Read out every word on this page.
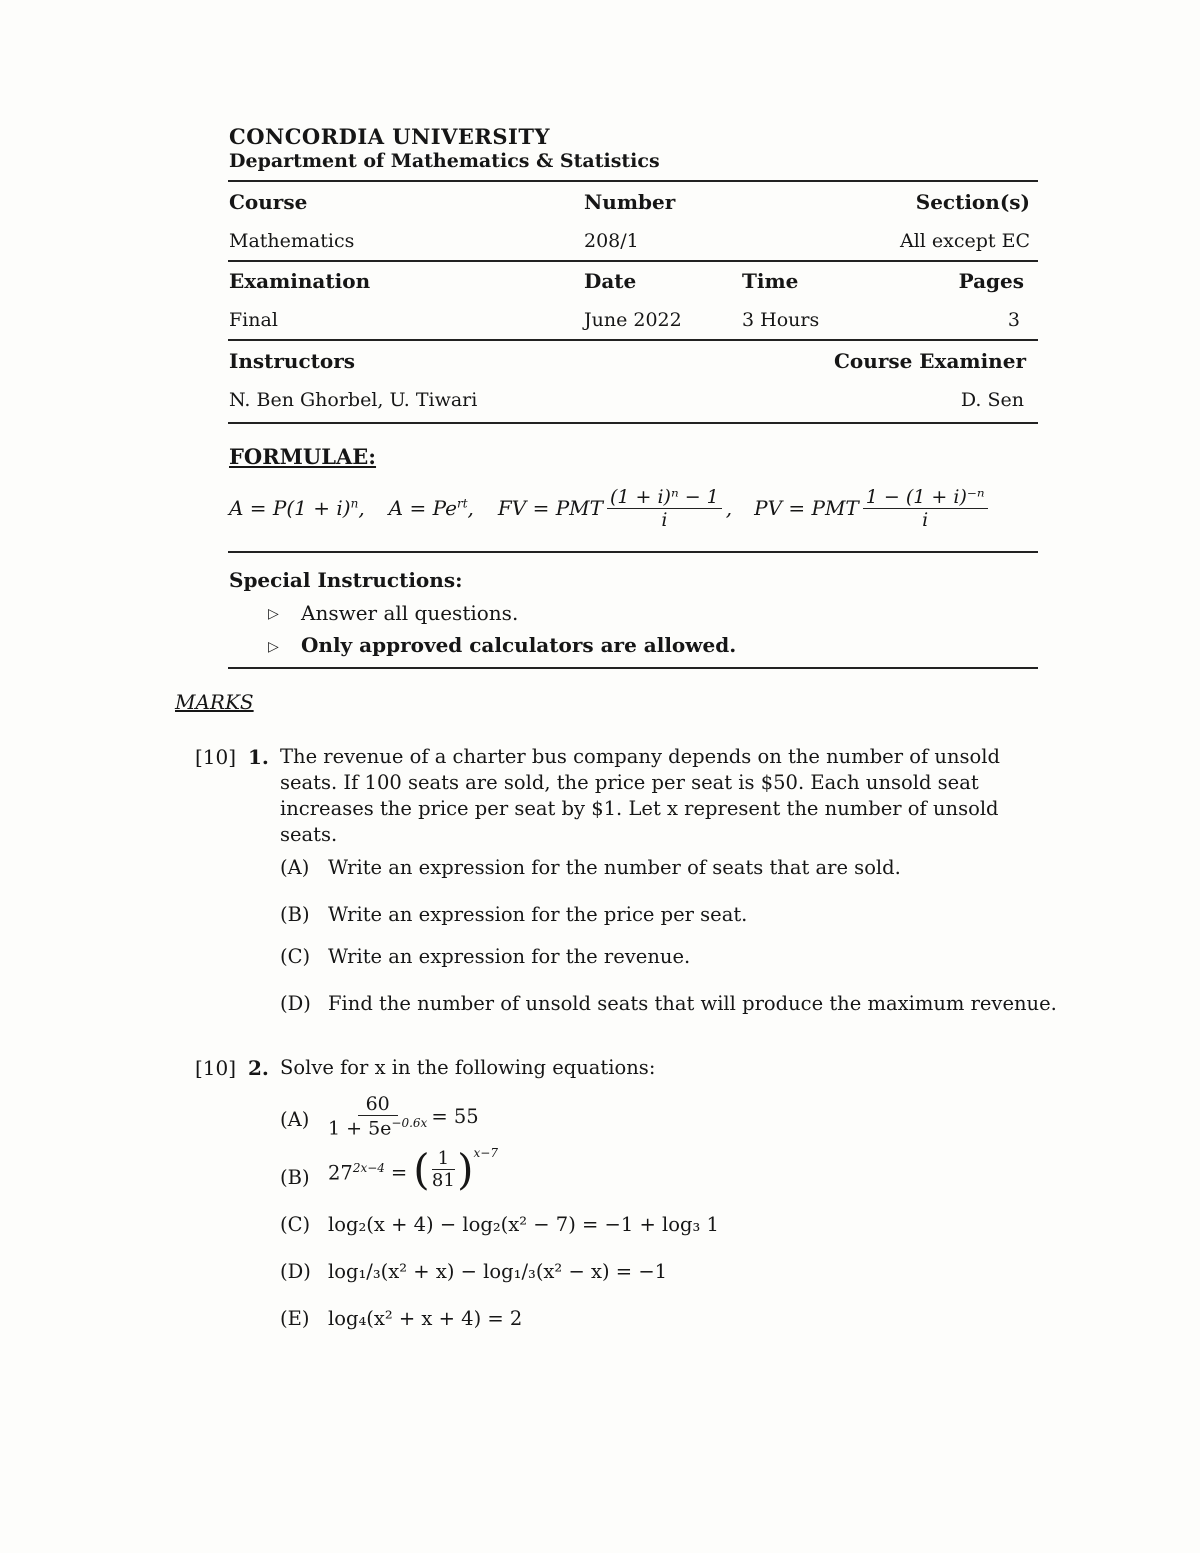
CONCORDIA UNIVERSITY
Department of Mathematics & Statistics
Course	Number	Section(s)
Mathematics	208/1	All except EC
Examination	Date	Time	Pages
Final	June 2022	3 Hours	3
Instructors	Course Examiner
N. Ben Ghorbel, U. Tiwari	D. Sen
FORMULAE:
$A = P(1 + i)^n$, $A = Pe^{rt}$, FV = PMT $\frac{\text{(1 + i)ⁿ − 1}}{i}$ , PV = PMT $\frac{\text{1 − (1 + i)⁻ⁿ}}{i}$
Special Instructions:
▷ Answer all questions.
▷ Only approved calculators are allowed.
MARKS
[10] 1. The revenue of a charter bus company depends on the number of unsold seats. If 100 seats are sold, the price per seat is $50. Each unsold seat increases the price per seat by $1. Let x represent the number of unsold seats.
(A) Write an expression for the number of seats that are sold.
(B) Write an expression for the price per seat.
(C) Write an expression for the revenue.
(D) Find the number of unsold seats that will produce the maximum revenue.
[10] 2. Solve for x in the following equations:
$(A) \frac{60}{1 + 5e^{-0.6x}} = 55$
(B) $27^{2x-4}$ = ( $\frac{1}{81} )^{x-7}$
(C) log₂(x + 4) − log₂(x² − 7) = −1 + log₃ 1
(D) log₁/₃(x² + x) − log₁/₃(x² − x) = −1
(E) log₄(x² + x + 4) = 2
